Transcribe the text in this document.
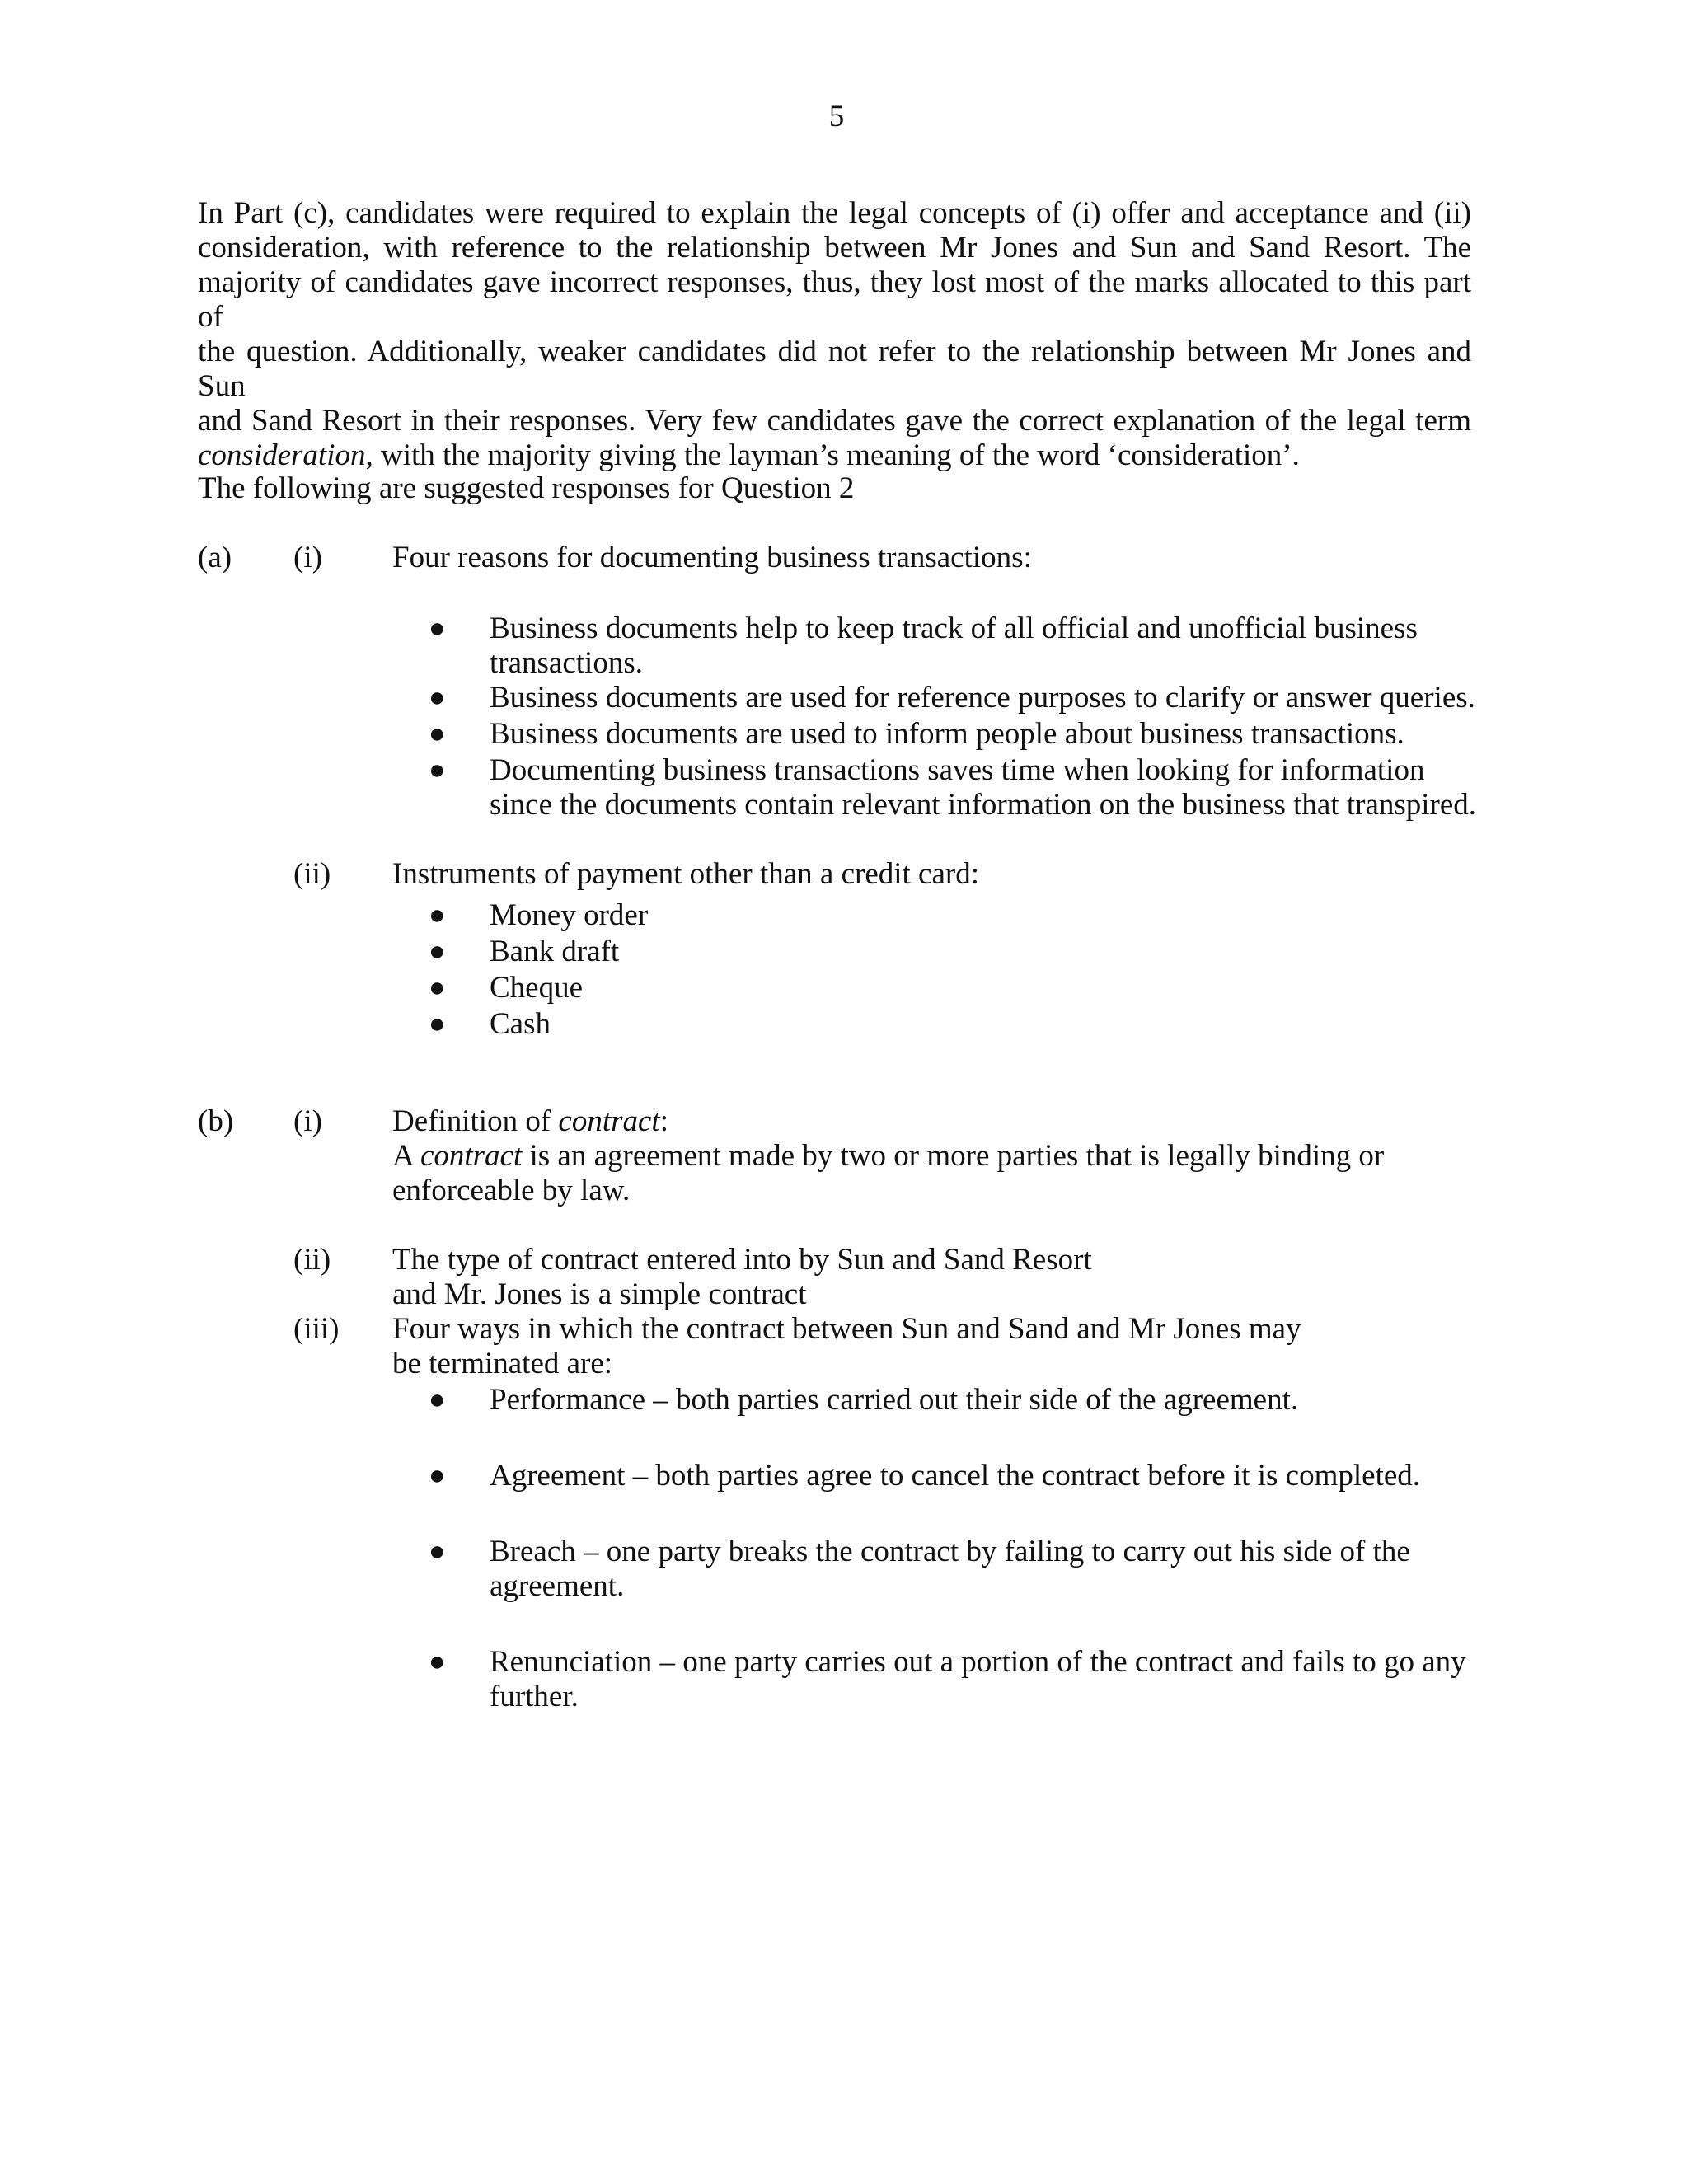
5

In Part (c), candidates were required to explain the legal concepts of (i) offer and acceptance and (ii)
consideration, with reference to the relationship between Mr Jones and Sun and Sand Resort. The
majority of candidates gave incorrect responses, thus, they lost most of the marks allocated to this part of
the question. Additionally, weaker candidates did not refer to the relationship between Mr Jones and Sun
and Sand Resort in their responses. Very few candidates gave the correct explanation of the legal term
consideration, with the majority giving the layman’s meaning of the word ‘consideration’.

The following are suggested responses for Question 2

(a) (i) Four reasons for documenting business transactions:

● Business documents help to keep track of all official and unofficial business

transactions.

● Business documents are used for reference purposes to clarify or answer queries.

● Business documents are used to inform people about business transactions.

● Documenting business transactions saves time when looking for information

since the documents contain relevant information on the business that transpired.

(ii) Instruments of payment other than a credit card:

● Money order

● Bank draft

● Cheque

● Cash

(b) (i) Definition of contract:

A contract is an agreement made by two or more parties that is legally binding or

enforceable by law.

(ii) The type of contract entered into by Sun and Sand Resort

and Mr. Jones is a simple contract

(iii) Four ways in which the contract between Sun and Sand and Mr Jones may

be terminated are:

● Performance – both parties carried out their side of the agreement.

● Agreement – both parties agree to cancel the contract before it is completed.

● Breach – one party breaks the contract by failing to carry out his side of the

agreement.

● Renunciation – one party carries out a portion of the contract and fails to go any

further.
